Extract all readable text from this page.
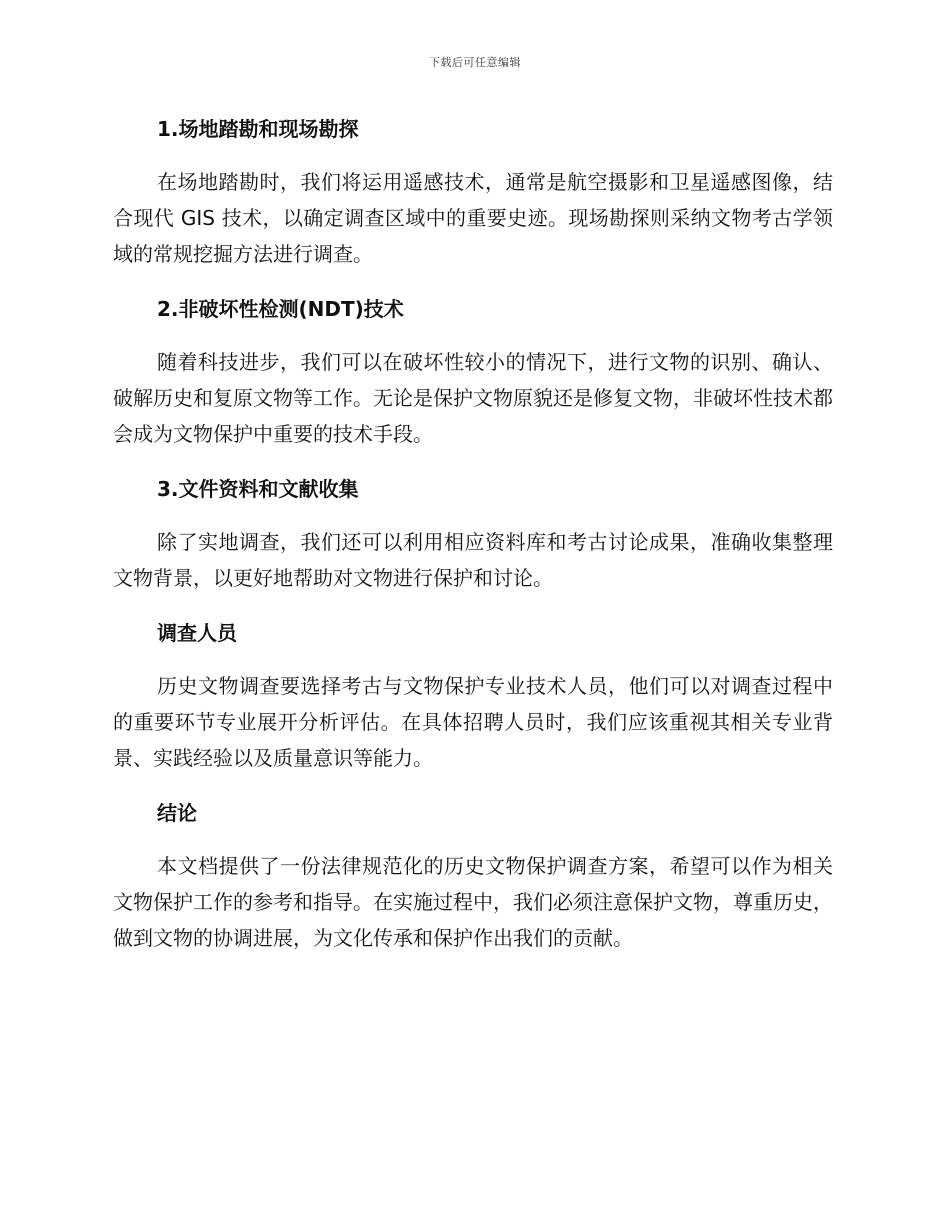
下载后可任意编辑
1.场地踏勘和现场勘探

在场地踏勘时，我们将运用遥感技术，通常是航空摄影和卫星遥感图像，结合现代 GIS 技术，以确定调查区域中的重要史迹。现场勘探则采纳文物考古学领域的常规挖掘方法进行调查。

2.非破坏性检测(NDT)技术

随着科技进步，我们可以在破坏性较小的情况下，进行文物的识别、确认、破解历史和复原文物等工作。无论是保护文物原貌还是修复文物，非破坏性技术都会成为文物保护中重要的技术手段。

3.文件资料和文献收集

除了实地调查，我们还可以利用相应资料库和考古讨论成果，准确收集整理文物背景，以更好地帮助对文物进行保护和讨论。

调查人员

历史文物调查要选择考古与文物保护专业技术人员，他们可以对调查过程中的重要环节专业展开分析评估。在具体招聘人员时，我们应该重视其相关专业背景、实践经验以及质量意识等能力。

结论

本文档提供了一份法律规范化的历史文物保护调查方案，希望可以作为相关文物保护工作的参考和指导。在实施过程中，我们必须注意保护文物，尊重历史，做到文物的协调进展，为文化传承和保护作出我们的贡献。
